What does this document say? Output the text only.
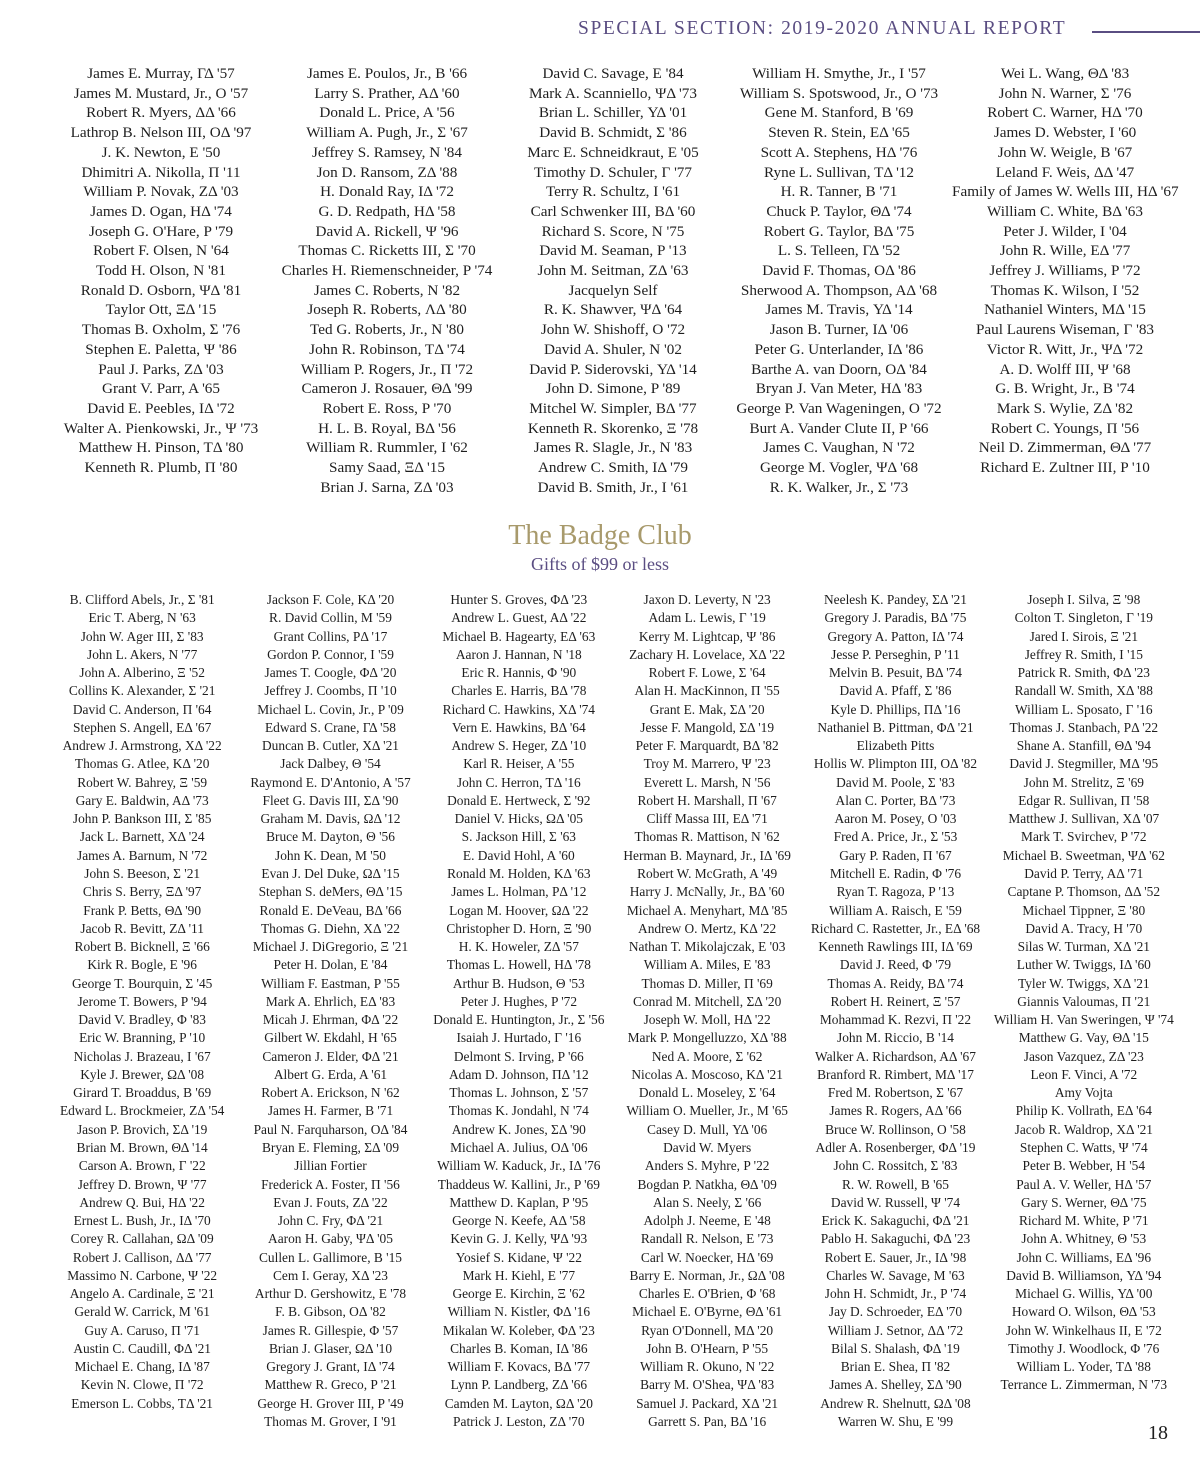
SPECIAL SECTION: 2019-2020 ANNUAL REPORT
James E. Murray, ΓΔ '57
James M. Mustard, Jr., O '57
Robert R. Myers, ΔΔ '66
Lathrop B. Nelson III, OΔ '97
J. K. Newton, E '50
Dhimitri A. Nikolla, Π '11
William P. Novak, ZΔ '03
James D. Ogan, HΔ '74
Joseph G. O'Hare, P '79
Robert F. Olsen, N '64
Todd H. Olson, N '81
Ronald D. Osborn, ΨΔ '81
Taylor Ott, ΞΔ '15
Thomas B. Oxholm, Σ '76
Stephen E. Paletta, Ψ '86
Paul J. Parks, ZΔ '03
Grant V. Parr, A '65
David E. Peebles, IΔ '72
Walter A. Pienkowski, Jr., Ψ '73
Matthew H. Pinson, TΔ '80
Kenneth R. Plumb, Π '80
James E. Poulos, Jr., B '66
Larry S. Prather, AΔ '60
Donald L. Price, A '56
William A. Pugh, Jr., Σ '67
Jeffrey S. Ramsey, N '84
Jon D. Ransom, ZΔ '88
H. Donald Ray, IΔ '72
G. D. Redpath, HΔ '58
David A. Rickell, Ψ '96
Thomas C. Ricketts III, Σ '70
Charles H. Riemenschneider, P '74
James C. Roberts, N '82
Joseph R. Roberts, ΛΔ '80
Ted G. Roberts, Jr., N '80
John R. Robinson, TΔ '74
William P. Rogers, Jr., Π '72
Cameron J. Rosauer, ΘΔ '99
Robert E. Ross, P '70
H. L. B. Royal, BΔ '56
William R. Rummler, I '62
Samy Saad, ΞΔ '15
Brian J. Sarna, ZΔ '03
David C. Savage, E '84
Mark A. Scanniello, ΨΔ '73
Brian L. Schiller, ΥΔ '01
David B. Schmidt, Σ '86
Marc E. Schneidkraut, E '05
Timothy D. Schuler, Γ '77
Terry R. Schultz, I '61
Carl Schwenker III, BΔ '60
Richard S. Score, N '75
David M. Seaman, P '13
John M. Seitman, ZΔ '63
Jacquelyn Self
R. K. Shawver, ΨΔ '64
John W. Shishoff, O '72
David A. Shuler, N '02
David P. Siderovski, ΥΔ '14
John D. Simone, P '89
Mitchel W. Simpler, BΔ '77
Kenneth R. Skorenko, Ξ '78
James R. Slagle, Jr., N '83
Andrew C. Smith, IΔ '79
David B. Smith, Jr., I '61
William H. Smythe, Jr., I '57
William S. Spotswood, Jr., O '73
Gene M. Stanford, B '69
Steven R. Stein, EΔ '65
Scott A. Stephens, HΔ '76
Ryne L. Sullivan, TΔ '12
H. R. Tanner, B '71
Chuck P. Taylor, ΘΔ '74
Robert G. Taylor, BΔ '75
L. S. Telleen, ΓΔ '52
David F. Thomas, OΔ '86
Sherwood A. Thompson, AΔ '68
James M. Travis, ΥΔ '14
Jason B. Turner, IΔ '06
Peter G. Unterlander, IΔ '86
Barthe A. van Doorn, OΔ '84
Bryan J. Van Meter, HΔ '83
George P. Van Wageningen, O '72
Burt A. Vander Clute II, P '66
James C. Vaughan, N '72
George M. Vogler, ΨΔ '68
R. K. Walker, Jr., Σ '73
Wei L. Wang, ΘΔ '83
John N. Warner, Σ '76
Robert C. Warner, HΔ '70
James D. Webster, I '60
John W. Weigle, B '67
Leland F. Weis, ΔΔ '47
Family of James W. Wells III, HΔ '67
William C. White, BΔ '63
Peter J. Wilder, I '04
John R. Wille, EΔ '77
Jeffrey J. Williams, P '72
Thomas K. Wilson, I '52
Nathaniel Winters, MΔ '15
Paul Laurens Wiseman, Γ '83
Victor R. Witt, Jr., ΨΔ '72
A. D. Wolff III, Ψ '68
G. B. Wright, Jr., B '74
Mark S. Wylie, ZΔ '82
Robert C. Youngs, Π '56
Neil D. Zimmerman, ΘΔ '77
Richard E. Zultner III, P '10
The Badge Club
Gifts of $99 or less
B. Clifford Abels, Jr., Σ '81
Eric T. Aberg, N '63
John W. Ager III, Σ '83
John L. Akers, N '77
John A. Alberino, Ξ '52
Collins K. Alexander, Σ '21
David C. Anderson, Π '64
Stephen S. Angell, EΔ '67
Andrew J. Armstrong, XΔ '22
Thomas G. Atlee, KΔ '20
Robert W. Bahrey, Ξ '59
Gary E. Baldwin, AΔ '73
John P. Bankson III, Σ '85
Jack L. Barnett, XΔ '24
James A. Barnum, N '72
John S. Beeson, Σ '21
Chris S. Berry, ΞΔ '97
Frank P. Betts, ΘΔ '90
Jacob R. Bevitt, ZΔ '11
Robert B. Bicknell, Ξ '66
Kirk R. Bogle, E '96
George T. Bourquin, Σ '45
Jerome T. Bowers, P '94
David V. Bradley, Φ '83
Eric W. Branning, P '10
Nicholas J. Brazeau, I '67
Kyle J. Brewer, ΩΔ '08
Girard T. Broaddus, B '69
Edward L. Brockmeier, ZΔ '54
Jason P. Brovich, ΣΔ '19
Brian M. Brown, ΘΔ '14
Carson A. Brown, Γ '22
Jeffrey D. Brown, Ψ '77
Andrew Q. Bui, HΔ '22
Ernest L. Bush, Jr., IΔ '70
Corey R. Callahan, ΩΔ '09
Robert J. Callison, ΔΔ '77
Massimo N. Carbone, Ψ '22
Angelo A. Cardinale, Ξ '21
Gerald W. Carrick, M '61
Guy A. Caruso, Π '71
Austin C. Caudill, ΦΔ '21
Michael E. Chang, IΔ '87
Kevin N. Clowe, Π '72
Emerson L. Cobbs, TΔ '21
Jackson F. Cole, KΔ '20
R. David Collin, M '59
Grant Collins, PΔ '17
Gordon P. Connor, I '59
James T. Coogle, ΦΔ '20
Jeffrey J. Coombs, Π '10
Michael L. Covin, Jr., P '09
Edward S. Crane, ΓΔ '58
Duncan B. Cutler, XΔ '21
Jack Dalbey, Θ '54
Raymond E. D'Antonio, A '57
Fleet G. Davis III, ΣΔ '90
Graham M. Davis, ΩΔ '12
Bruce M. Dayton, Θ '56
John K. Dean, M '50
Evan J. Del Duke, ΩΔ '15
Stephan S. deMers, ΘΔ '15
Ronald E. DeVeau, BΔ '66
Thomas G. Diehn, XΔ '22
Michael J. DiGregorio, Ξ '21
Peter H. Dolan, E '84
William F. Eastman, P '55
Mark A. Ehrlich, EΔ '83
Micah J. Ehrman, ΦΔ '22
Gilbert W. Ekdahl, H '65
Cameron J. Elder, ΦΔ '21
Albert G. Erda, A '61
Robert A. Erickson, N '62
James H. Farmer, B '71
Paul N. Farquharson, OΔ '84
Bryan E. Fleming, ΣΔ '09
Jillian Fortier
Frederick A. Foster, Π '56
Evan J. Fouts, ZΔ '22
John C. Fry, ΦΔ '21
Aaron H. Gaby, ΨΔ '05
Cullen L. Gallimore, B '15
Cem I. Geray, XΔ '23
Arthur D. Gershowitz, E '78
F. B. Gibson, OΔ '82
James R. Gillespie, Φ '57
Brian J. Glaser, ΩΔ '10
Gregory J. Grant, IΔ '74
Matthew R. Greco, P '21
George H. Grover III, P '49
Thomas M. Grover, I '91
Hunter S. Groves, ΦΔ '23
Andrew L. Guest, AΔ '22
Michael B. Hagearty, EΔ '63
Aaron J. Hannan, N '18
Eric R. Hannis, Φ '90
Charles E. Harris, BΔ '78
Richard C. Hawkins, XΔ '74
Vern E. Hawkins, BΔ '64
Andrew S. Heger, ZΔ '10
Karl R. Heiser, A '55
John C. Herron, TΔ '16
Donald E. Hertweck, Σ '92
Daniel V. Hicks, ΩΔ '05
S. Jackson Hill, Σ '63
E. David Hohl, A '60
Ronald M. Holden, KΔ '63
James L. Holman, PΔ '12
Logan M. Hoover, ΩΔ '22
Christopher D. Horn, Ξ '90
H. K. Howeler, ZΔ '57
Thomas L. Howell, HΔ '78
Arthur B. Hudson, Θ '53
Peter J. Hughes, P '72
Donald E. Huntington, Jr., Σ '56
Isaiah J. Hurtado, Γ '16
Delmont S. Irving, P '66
Adam D. Johnson, ΠΔ '12
Thomas L. Johnson, Σ '57
Thomas K. Jondahl, N '74
Andrew K. Jones, ΣΔ '90
Michael A. Julius, OΔ '06
William W. Kaduck, Jr., IΔ '76
Thaddeus W. Kallini, Jr., P '69
Matthew D. Kaplan, P '95
George N. Keefe, AΔ '58
Kevin G. J. Kelly, ΨΔ '93
Yosief S. Kidane, Ψ '22
Mark H. Kiehl, E '77
George E. Kirchin, Ξ '62
William N. Kistler, ΦΔ '16
Mikalan W. Koleber, ΦΔ '23
Charles B. Koman, IΔ '86
William F. Kovacs, BΔ '77
Lynn P. Landberg, ZΔ '66
Camden M. Layton, ΩΔ '20
Patrick J. Leston, ZΔ '70
Jaxon D. Leverty, N '23
Adam L. Lewis, Γ '19
Kerry M. Lightcap, Ψ '86
Zachary H. Lovelace, XΔ '22
Robert F. Lowe, Σ '64
Alan H. MacKinnon, Π '55
Grant E. Mak, ΣΔ '20
Jesse F. Mangold, ΣΔ '19
Peter F. Marquardt, BΔ '82
Troy M. Marrero, Ψ '23
Everett L. Marsh, N '56
Robert H. Marshall, Π '67
Cliff Massa III, EΔ '71
Thomas R. Mattison, N '62
Herman B. Maynard, Jr., IΔ '69
Robert W. McGrath, A '49
Harry J. McNally, Jr., BΔ '60
Michael A. Menyhart, MΔ '85
Andrew O. Mertz, KΔ '22
Nathan T. Mikolajczak, E '03
William A. Miles, E '83
Thomas D. Miller, Π '69
Conrad M. Mitchell, ΣΔ '20
Joseph W. Moll, HΔ '22
Mark P. Mongelluzzo, XΔ '88
Ned A. Moore, Σ '62
Nicolas A. Moscoso, KΔ '21
Donald L. Moseley, Σ '64
William O. Mueller, Jr., M '65
Casey D. Mull, ΥΔ '06
David W. Myers
Anders S. Myhre, P '22
Bogdan P. Natkha, ΘΔ '09
Alan S. Neely, Σ '66
Adolph J. Neeme, E '48
Randall R. Nelson, E '73
Carl W. Noecker, HΔ '69
Barry E. Norman, Jr., ΩΔ '08
Charles E. O'Brien, Φ '68
Michael E. O'Byrne, ΘΔ '61
Ryan O'Donnell, MΔ '20
John B. O'Hearn, P '55
William R. Okuno, N '22
Barry M. O'Shea, ΨΔ '83
Samuel J. Packard, XΔ '21
Garrett S. Pan, BΔ '16
Neelesh K. Pandey, ΣΔ '21
Gregory J. Paradis, BΔ '75
Gregory A. Patton, IΔ '74
Jesse P. Perseghin, P '11
Melvin B. Pesuit, BΔ '74
David A. Pfaff, Σ '86
Kyle D. Phillips, ΠΔ '16
Nathaniel B. Pittman, ΦΔ '21
Elizabeth Pitts
Hollis W. Plimpton III, OΔ '82
David M. Poole, Σ '83
Alan C. Porter, BΔ '73
Aaron M. Posey, O '03
Fred A. Price, Jr., Σ '53
Gary P. Raden, Π '67
Mitchell E. Radin, Φ '76
Ryan T. Ragoza, P '13
William A. Raisch, E '59
Richard C. Rastetter, Jr., EΔ '68
Kenneth Rawlings III, IΔ '69
David J. Reed, Φ '79
Thomas A. Reidy, BΔ '74
Robert H. Reinert, Ξ '57
Mohammad K. Rezvi, Π '22
John M. Riccio, B '14
Walker A. Richardson, AΔ '67
Branford R. Rimbert, MΔ '17
Fred M. Robertson, Σ '67
James R. Rogers, AΔ '66
Bruce W. Rollinson, O '58
Adler A. Rosenberger, ΦΔ '19
John C. Rossitch, Σ '83
R. W. Rowell, B '65
David W. Russell, Ψ '74
Erick K. Sakaguchi, ΦΔ '21
Pablo H. Sakaguchi, ΦΔ '23
Robert E. Sauer, Jr., IΔ '98
Charles W. Savage, M '63
John H. Schmidt, Jr., P '74
Jay D. Schroeder, EΔ '70
William J. Setnor, ΔΔ '72
Bilal S. Shalash, ΦΔ '19
Brian E. Shea, Π '82
James A. Shelley, ΣΔ '90
Andrew R. Shelnutt, ΩΔ '08
Warren W. Shu, E '99
Joseph I. Silva, Ξ '98
Colton T. Singleton, Γ '19
Jared I. Sirois, Ξ '21
Jeffrey R. Smith, I '15
Patrick R. Smith, ΦΔ '23
Randall W. Smith, XΔ '88
William L. Sposato, Γ '16
Thomas J. Stanbach, PΔ '22
Shane A. Stanfill, ΘΔ '94
David J. Stegmiller, MΔ '95
John M. Strelitz, Ξ '69
Edgar R. Sullivan, Π '58
Matthew J. Sullivan, XΔ '07
Mark T. Svirchev, P '72
Michael B. Sweetman, ΨΔ '62
David P. Terry, AΔ '71
Captane P. Thomson, ΔΔ '52
Michael Tippner, Ξ '80
David A. Tracy, H '70
Silas W. Turman, XΔ '21
Luther W. Twiggs, IΔ '60
Tyler W. Twiggs, XΔ '21
Giannis Valoumas, Π '21
William H. Van Sweringen, Ψ '74
Matthew G. Vay, ΘΔ '15
Jason Vazquez, ZΔ '23
Leon F. Vinci, A '72
Amy Vojta
Philip K. Vollrath, EΔ '64
Jacob R. Waldrop, XΔ '21
Stephen C. Watts, Ψ '74
Peter B. Webber, H '54
Paul A. V. Weller, HΔ '57
Gary S. Werner, ΘΔ '75
Richard M. White, P '71
John A. Whitney, Θ '53
John C. Williams, EΔ '96
David B. Williamson, ΥΔ '94
Michael G. Willis, ΥΔ '00
Howard O. Wilson, ΘΔ '53
John W. Winkelhaus II, E '72
Timothy J. Woodlock, Φ '76
William L. Yoder, TΔ '88
Terrance L. Zimmerman, N '73
18
